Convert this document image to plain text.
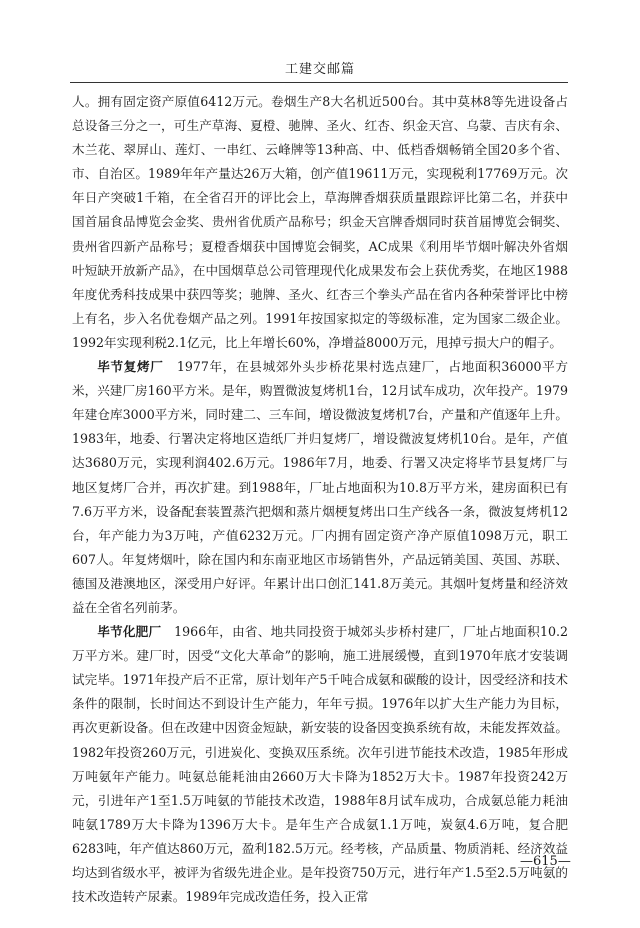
工建交邮篇

人。拥有固定资产原值6412万元。卷烟生产8大名机近500台。其中莫林8等先进设备占总设备三分之一，可生产草海、夏橙、驰牌、圣火、红杏、织金天宫、乌蒙、吉庆有余、木兰花、翠屏山、莲灯、一串红、云峰牌等13种高、中、低档香烟畅销全国20多个省、市、自治区。1989年年产量达26万大箱，创产值19611万元，实现税利17769万元。次年日产突破1千箱，在全省召开的评比会上，草海牌香烟获质量跟踪评比第二名，并获中国首届食品博览会金奖、贵州省优质产品称号；织金天宫牌香烟同时获首届博览会铜奖、贵州省四新产品称号；夏橙香烟获中国博览会铜奖，AC成果《利用毕节烟叶解决外省烟叶短缺开放新产品》，在中国烟草总公司管理现代化成果发布会上获优秀奖，在地区1988年度优秀科技成果中获四等奖；驰牌、圣火、红杏三个拳头产品在省内各种荣誉评比中榜上有名，步入名优卷烟产品之列。1991年按国家拟定的等级标准，定为国家二级企业。1992年实现利税2.1亿元，比上年增长60%，净增益8000万元，甩掉亏损大户的帽子。

毕节复烤厂　 1977年，在县城郊外头步桥花果村选点建厂，占地面积36000平方米，兴建厂房160平方米。是年，购置微波复烤机1台，12月试车成功，次年投产。1979年建仓库3000平方米，同时建二、三车间，增设微波复烤机7台，产量和产值逐年上升。1983年，地委、行署决定将地区造纸厂并归复烤厂，增设微波复烤机10台。是年，产值达3680万元，实现利润402.6万元。1986年7月，地委、行署又决定将毕节县复烤厂与地区复烤厂合并，再次扩建。到1988年，厂址占地面积为10.8万平方米，建房面积已有7.6万平方米，设备配套装置蒸汽把烟和蒸片烟梗复烤出口生产线各一条，微波复烤机12台，年产能力为3万吨，产值6232万元。厂内拥有固定资产净产原值1098万元，职工607人。年复烤烟叶，除在国内和东南亚地区市场销售外，产品远销美国、英国、苏联、德国及港澳地区，深受用户好评。年累计出口创汇141.8万美元。其烟叶复烤量和经济效益在全省名列前茅。

毕节化肥厂　 1966年，由省、地共同投资于城郊头步桥村建厂，厂址占地面积10.2万平方米。建厂时，因受“文化大革命”的影响，施工进展缓慢，直到1970年底才安装调试完毕。1971年投产后不正常，原计划年产5千吨合成氨和碳酸的设计，因受经济和技术条件的限制，长时间达不到设计生产能力，年年亏损。1976年以扩大生产能力为目标，再次更新设备。但在改建中因资金短缺，新安装的设备因变换系统有故，未能发挥效益。1982年投资260万元，引进炭化、变换双压系统。次年引进节能技术改造，1985年形成万吨氨年产能力。吨氨总能耗油由2660万大卡降为1852万大卡。1987年投资242万元，引进年产1至1.5万吨氨的节能技术改造，1988年8月试车成功，合成氨总能力耗油吨氨1789万大卡降为1396万大卡。是年生产合成氨1.1万吨，炭氨4.6万吨，复合肥6283吨，年产值达860万元，盈利182.5万元。经考核，产品质量、物质消耗、经济效益均达到省级水平，被评为省级先进企业。是年投资750万元，进行年产1.5至2.5万吨氨的技术改造转产尿素。1989年完成改造任务，投入正常

—615—
